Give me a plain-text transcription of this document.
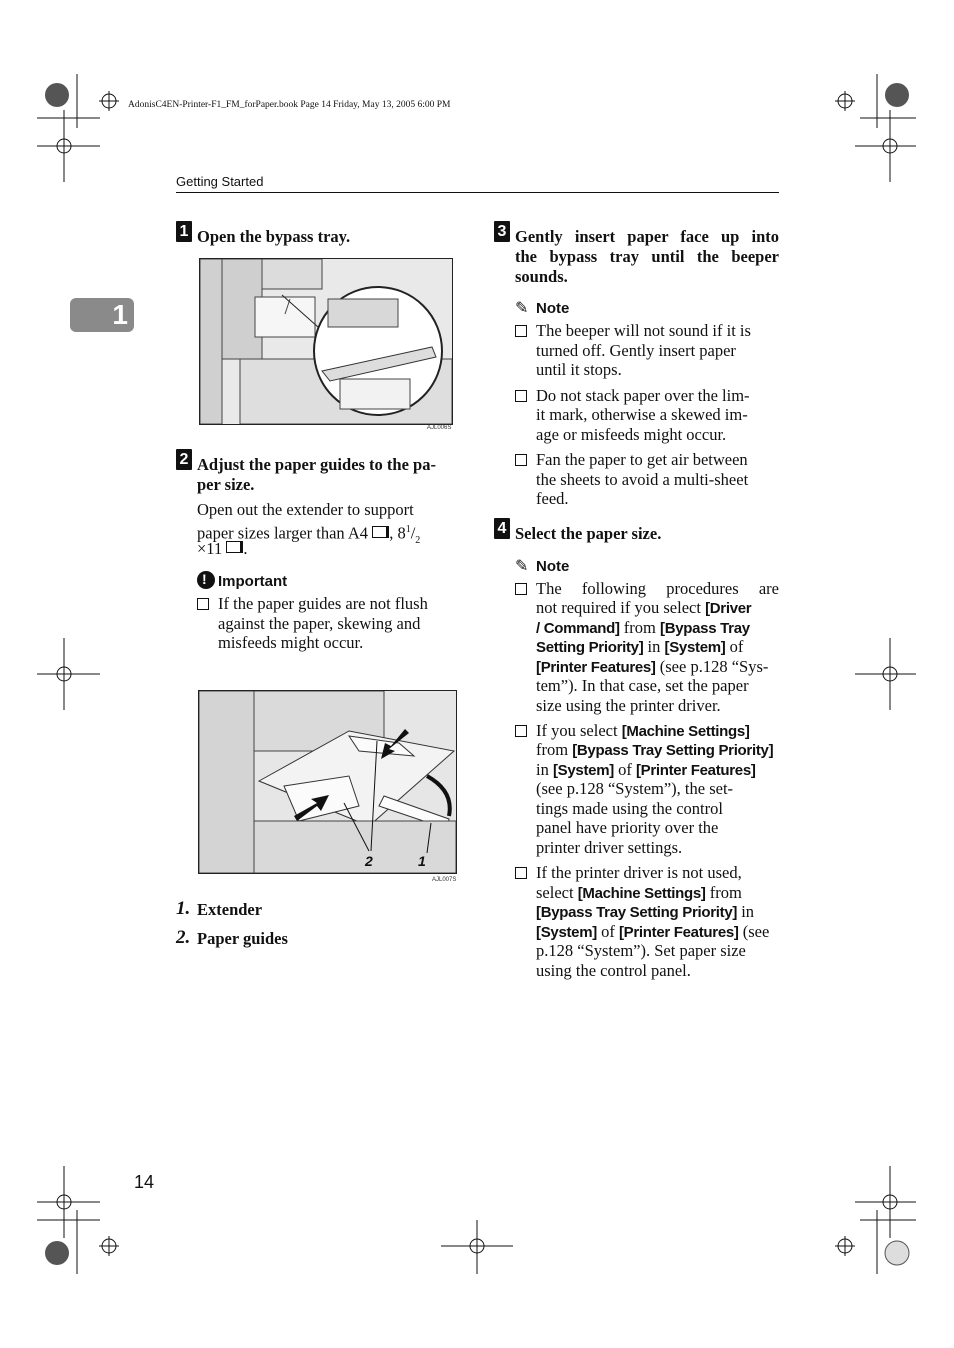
AdonisC4EN-Printer-F1_FM_forPaper.book Page 14 Friday, May 13, 2005 6:00 PM
Getting Started
1
1 Open the bypass tray.
AJL006S
2 Adjust the paper guides to the pa-
per size.
Open out the extender to support
paper sizes larger than A4 , $8^1/_2$
×11 .
! Important
If the paper guides are not flush
against the paper, skewing and
misfeeds might occur.
2	1
AJL007S
1. Extender
2. Paper guides
3 Gently insert paper face up into
the bypass tray until the beeper
sounds.
✎ Note
The beeper will not sound if it is
turned off. Gently insert paper
until it stops.
Do not stack paper over the lim-
it mark, otherwise a skewed im-
age or misfeeds might occur.
Fan the paper to get air between
the sheets to avoid a multi-sheet
feed.
4 Select the paper size.
✎ Note
The following procedures are
not required if you select [Driver
/ Command] from [Bypass Tray
Setting Priority] in [System] of
[Printer Features] (see p.128 “Sys-
tem”). In that case, set the paper
size using the printer driver.
If you select [Machine Settings]
from [Bypass Tray Setting Priority]
in [System] of [Printer Features]
(see p.128 “System”), the set-
tings made using the control
panel have priority over the
printer driver settings.
If the printer driver is not used,
select [Machine Settings] from
[Bypass Tray Setting Priority] in
[System] of [Printer Features] (see
p.128 “System”). Set paper size
using the control panel.
14
